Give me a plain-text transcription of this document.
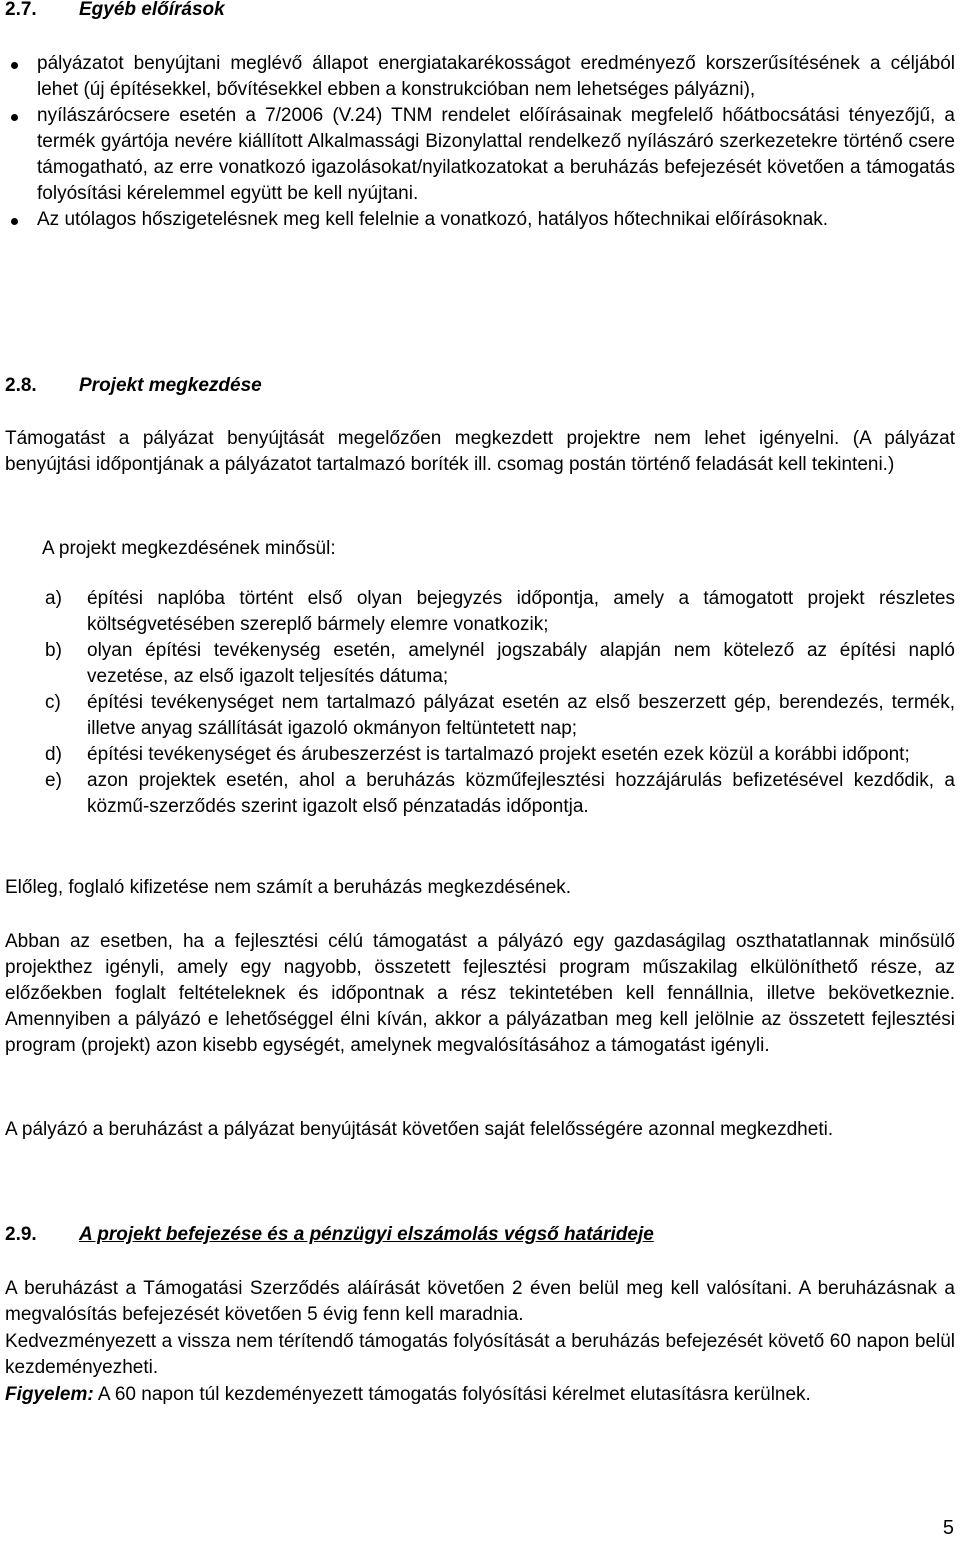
2.7. Egyéb előírások

pályázatot benyújtani meglévő állapot energiatakarékosságot eredményező korszerűsítésének a céljából lehet (új építésekkel, bővítésekkel ebben a konstrukcióban nem lehetséges pályázni),

nyílászárócsere esetén a 7/2006 (V.24) TNM rendelet előírásainak megfelelő hőátbocsátási tényezőjű, a termék gyártója nevére kiállított Alkalmassági Bizonylattal rendelkező nyílászáró szerkezetekre történő csere támogatható, az erre vonatkozó igazolásokat/nyilatkozatokat a beruházás befejezését követően a támogatás folyósítási kérelemmel együtt be kell nyújtani.

Az utólagos hőszigetelésnek meg kell felelnie a vonatkozó, hatályos hőtechnikai előírásoknak.

2.8. Projekt megkezdése

Támogatást a pályázat benyújtását megelőzően megkezdett projektre nem lehet igényelni. (A pályázat benyújtási időpontjának a pályázatot tartalmazó boríték ill. csomag postán történő feladását kell tekinteni.)

A projekt megkezdésének minősül:

a) építési naplóba történt első olyan bejegyzés időpontja, amely a támogatott projekt részletes költségvetésében szereplő bármely elemre vonatkozik;

b) olyan építési tevékenység esetén, amelynél jogszabály alapján nem kötelező az építési napló vezetése, az első igazolt teljesítés dátuma;

c) építési tevékenységet nem tartalmazó pályázat esetén az első beszerzett gép, berendezés, termék, illetve anyag szállítását igazoló okmányon feltüntetett nap;

d) építési tevékenységet és árubeszerzést is tartalmazó projekt esetén ezek közül a korábbi időpont;

e) azon projektek esetén, ahol a beruházás közműfejlesztési hozzájárulás befizetésével kezdődik, a közmű-szerződés szerint igazolt első pénzatadás időpontja.

Előleg, foglaló kifizetése nem számít a beruházás megkezdésének.

Abban az esetben, ha a fejlesztési célú támogatást a pályázó egy gazdaságilag oszthatatlannak minősülő projekthez igényli, amely egy nagyobb, összetett fejlesztési program műszakilag elkülöníthető része, az előzőekben foglalt feltételeknek és időpontnak a rész tekintetében kell fennállnia, illetve bekövetkeznie. Amennyiben a pályázó e lehetőséggel élni kíván, akkor a pályázatban meg kell jelölnie az összetett fejlesztési program (projekt) azon kisebb egységét, amelynek megvalósításához a támogatást igényli.

A pályázó a beruházást a pályázat benyújtását követően saját felelősségére azonnal megkezdheti.

2.9. A projekt befejezése és a pénzügyi elszámolás végső határideje

A beruházást a Támogatási Szerződés aláírását követően 2 éven belül meg kell valósítani. A beruházásnak a megvalósítás befejezését követően 5 évig fenn kell maradnia.

Kedvezményezett a vissza nem térítendő támogatás folyósítását a beruházás befejezését követő 60 napon belül kezdeményezheti.

Figyelem: A 60 napon túl kezdeményezett támogatás folyósítási kérelmet elutasításra kerülnek.

5
